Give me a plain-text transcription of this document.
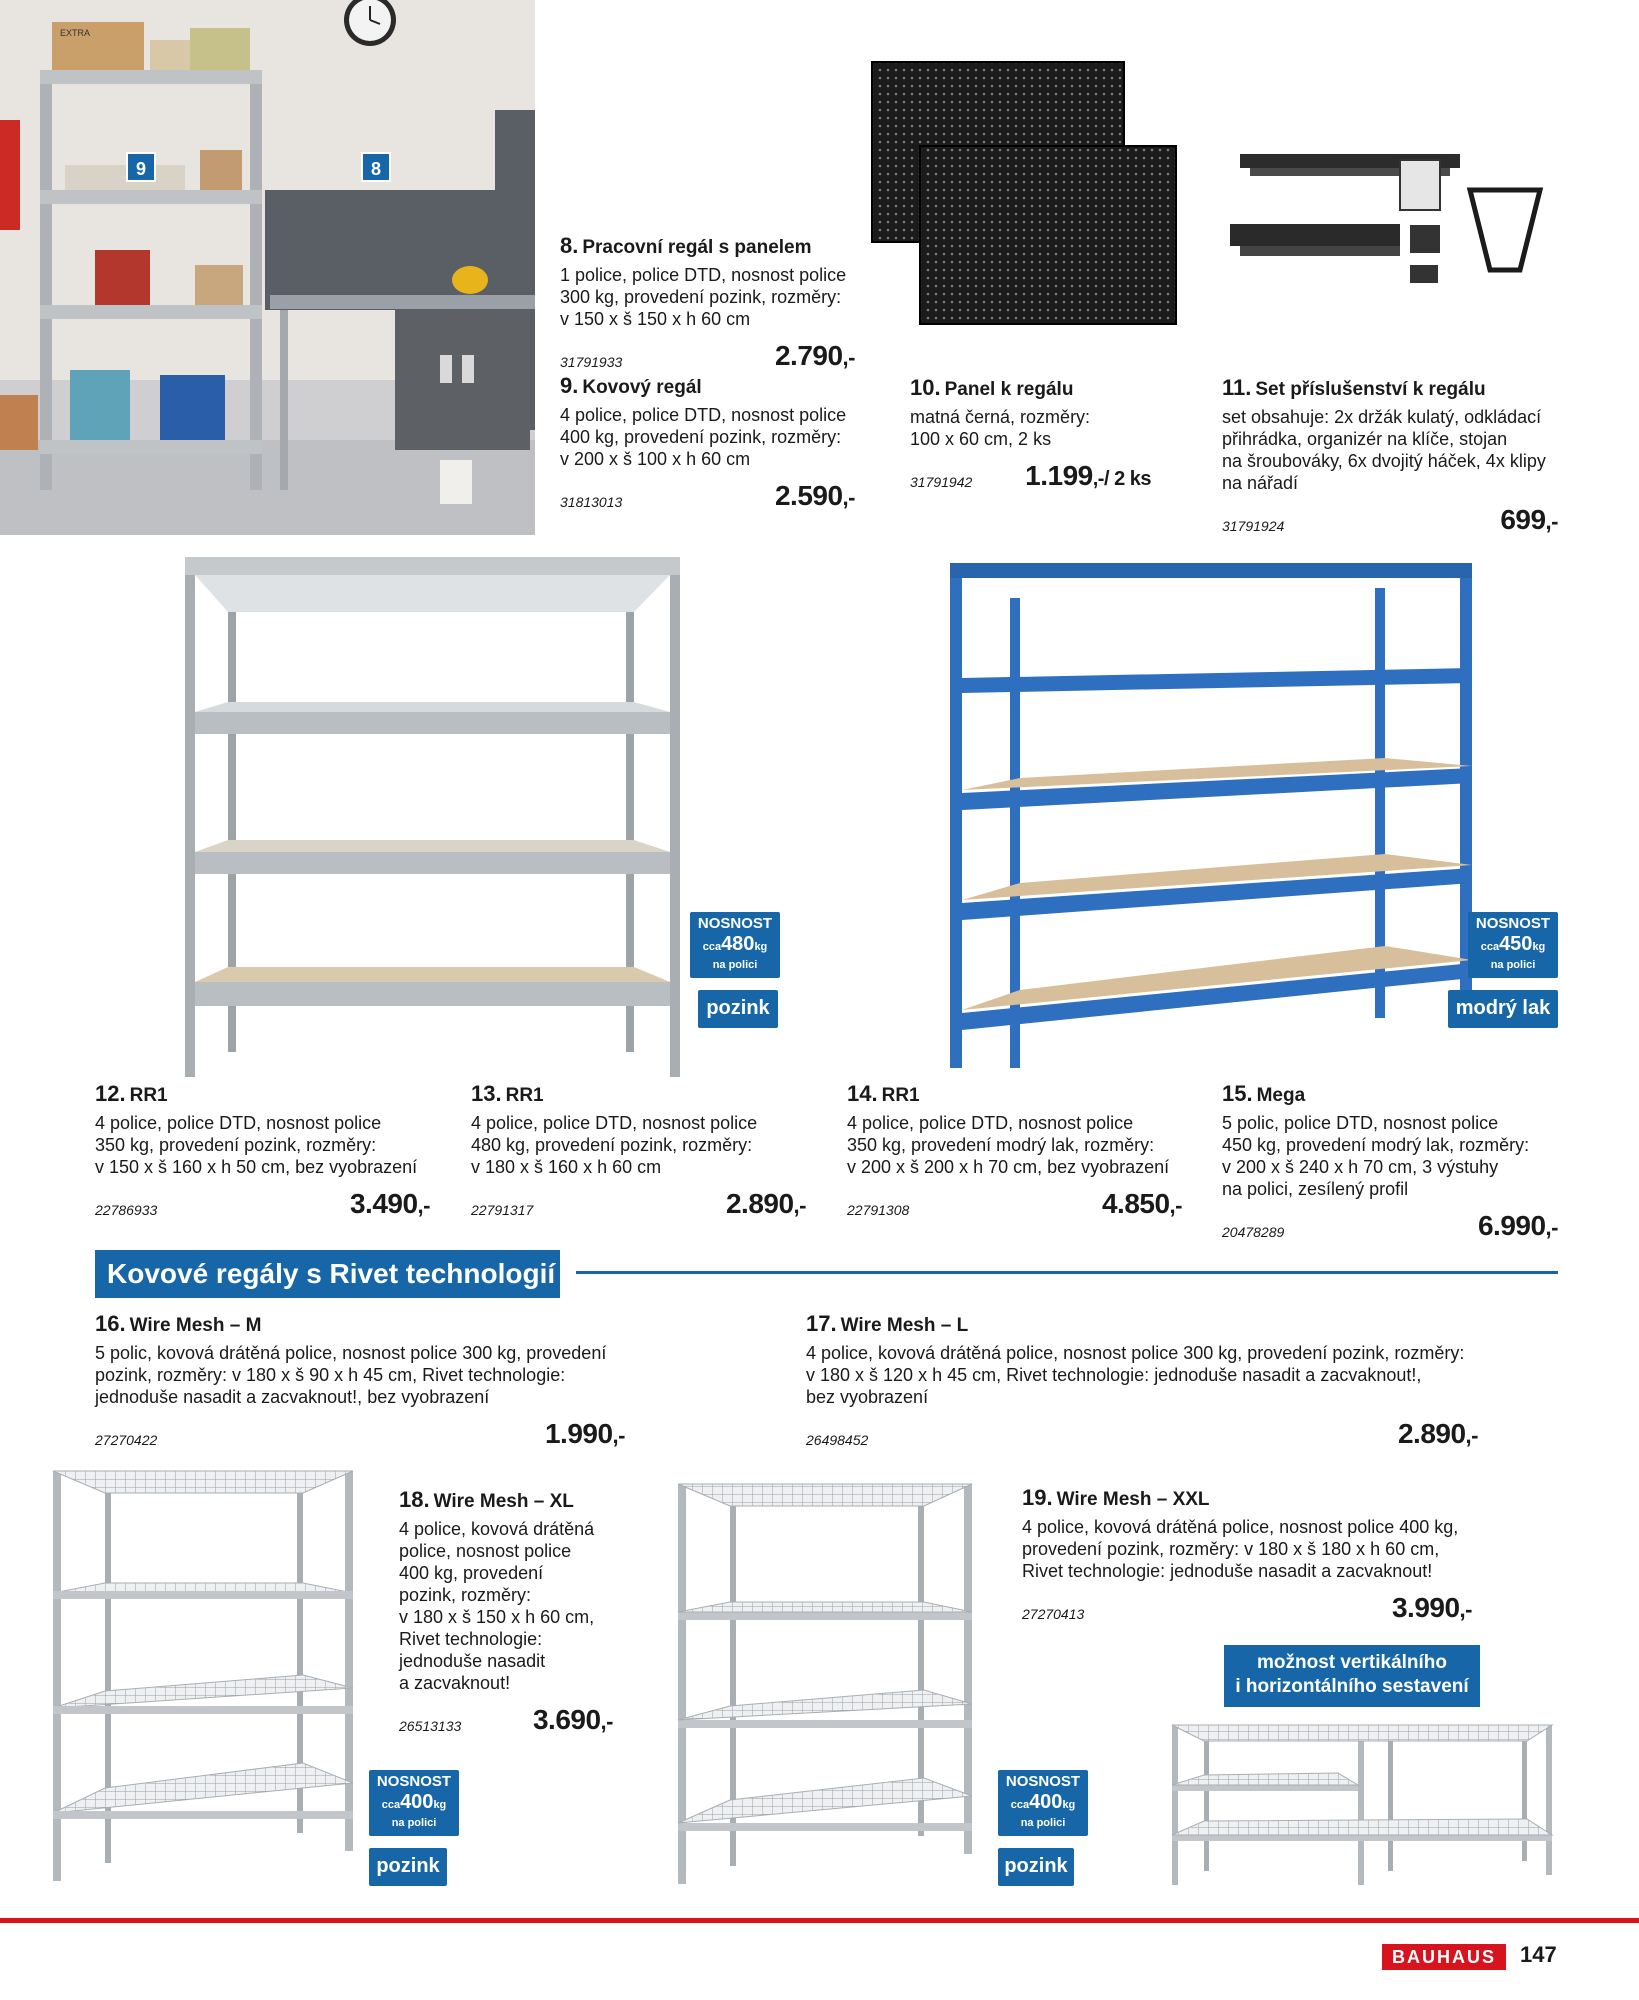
EXTRA
9	8
8. Pracovní regál s panelem
1 police, police DTD, nosnost police
300 kg, provedení pozink, rozměry:
v 150 x š 150 x h 60 cm
31791933	2.790,-
9. Kovový regál
4 police, police DTD, nosnost police
400 kg, provedení pozink, rozměry:
v 200 x š 100 x h 60 cm
31813013	2.590,-
10. Panel k regálu
matná černá, rozměry:
100 x 60 cm, 2 ks
31791942 1.199,-/ 2 ks
11. Set příslušenství k regálu
set obsahuje: 2x držák kulatý, odkládací
přihrádka, organizér na klíče, stojan
na šroubováky, 6x dvojitý háček, 4x klipy
na nářadí
31791924	699,-
NOSNOST
cca480kg
na polici
pozink
NOSNOST
cca450kg
na polici
modrý lak
12. RR1
4 police, police DTD, nosnost police
350 kg, provedení pozink, rozměry:
v 150 x š 160 x h 50 cm, bez vyobrazení
22786933	3.490,-
13. RR1
4 police, police DTD, nosnost police
480 kg, provedení pozink, rozměry:
v 180 x š 160 x h 60 cm
22791317	2.890,-
14. RR1
4 police, police DTD, nosnost police
350 kg, provedení modrý lak, rozměry:
v 200 x š 200 x h 70 cm, bez vyobrazení
22791308	4.850,-
15. Mega
5 polic, police DTD, nosnost police
450 kg, provedení modrý lak, rozměry:
v 200 x š 240 x h 70 cm, 3 výstuhy
na polici, zesílený profil
20478289	6.990,-
Kovové regály s Rivet technologií
16. Wire Mesh – M
5 polic, kovová drátěná police, nosnost police 300 kg, provedení
pozink, rozměry: v 180 x š 90 x h 45 cm, Rivet technologie:
jednoduše nasadit a zacvaknout!, bez vyobrazení
27270422	1.990,-
17. Wire Mesh – L
4 police, kovová drátěná police, nosnost police 300 kg, provedení pozink, rozměry:
v 180 x š 120 x h 45 cm, Rivet technologie: jednoduše nasadit a zacvaknout!,
bez vyobrazení
26498452	2.890,-
NOSNOST
cca400kg
na polici
pozink
18. Wire Mesh – XL
4 police, kovová drátěná
police, nosnost police
400 kg, provedení
pozink, rozměry:
v 180 x š 150 x h 60 cm,
Rivet technologie:
jednoduše nasadit
a zacvaknout!
26513133	3.690,-
NOSNOST
cca400kg
na polici
pozink
19. Wire Mesh – XXL
4 police, kovová drátěná police, nosnost police 400 kg,
provedení pozink, rozměry: v 180 x š 180 x h 60 cm,
Rivet technologie: jednoduše nasadit a zacvaknout!
27270413	3.990,-
možnost vertikálního
i horizontálního sestavení
BAUHAUS	147
